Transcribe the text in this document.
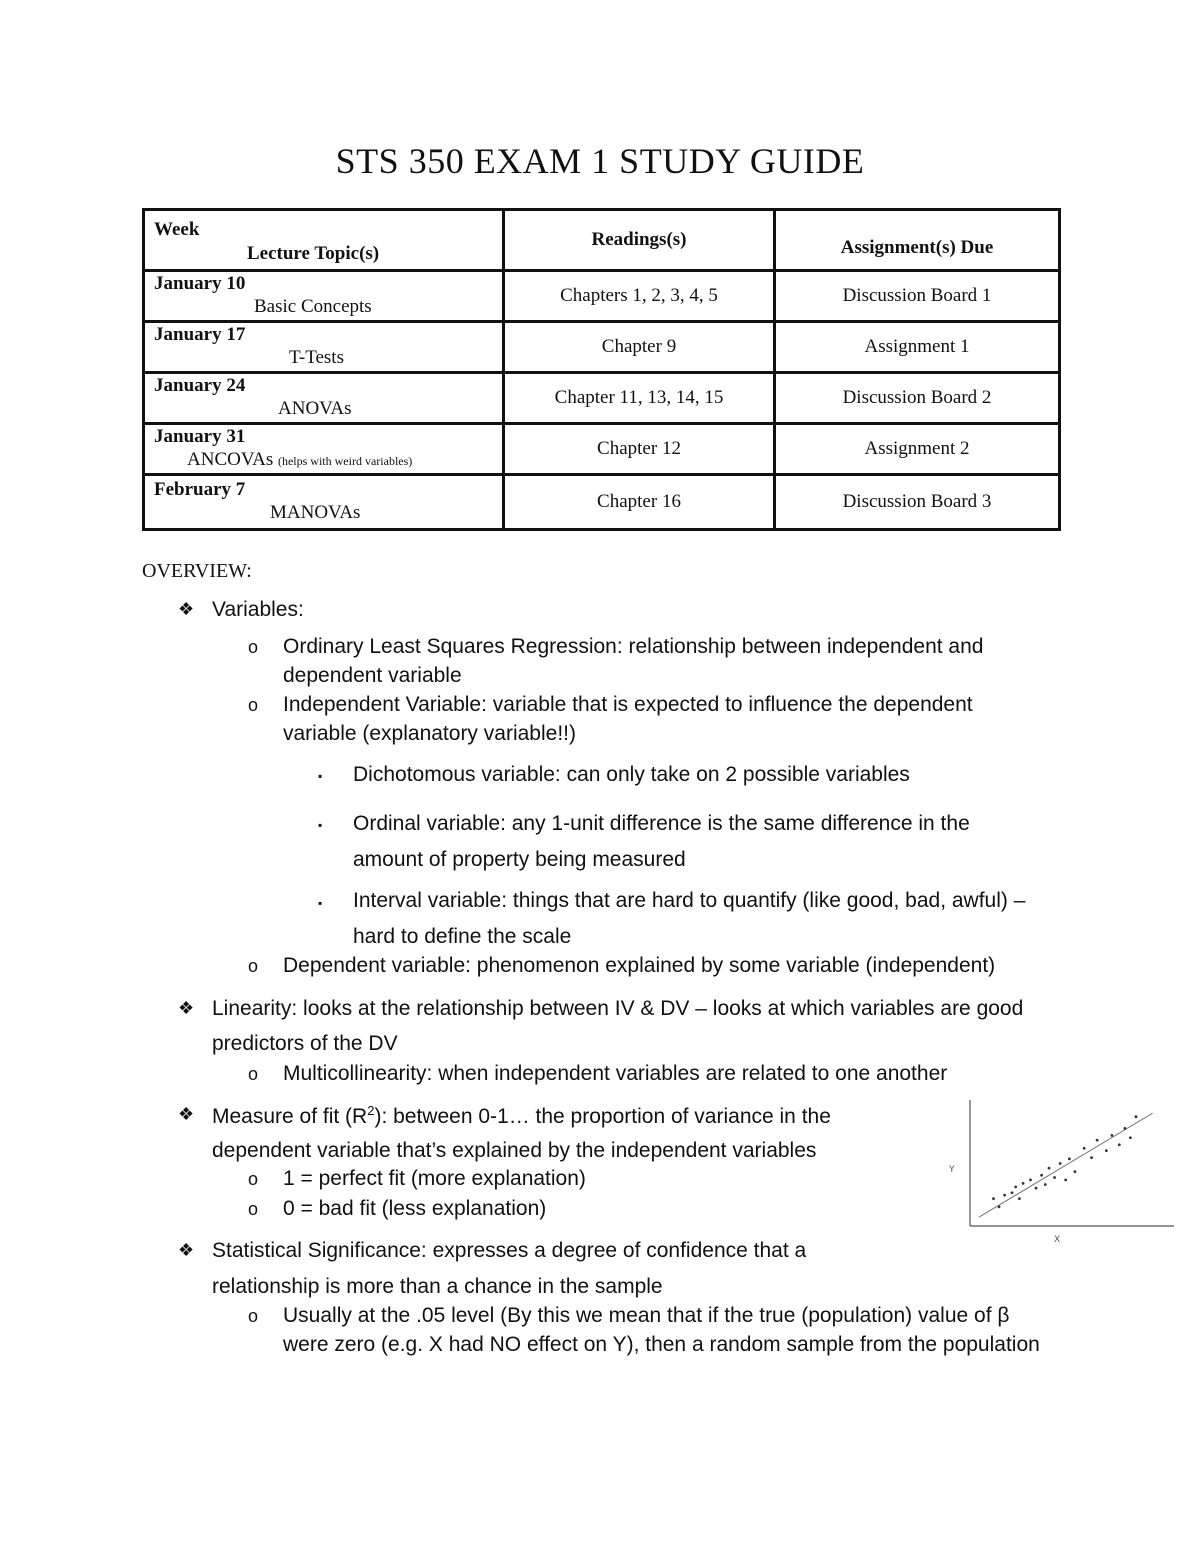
STS 350 EXAM 1 STUDY GUIDE
Week
Lecture Topic(s)	Readings(s)	Assignment(s) Due

January 10
Basic Concepts	Chapters 1, 2, 3, 4, 5	Discussion Board 1

January 17
T-Tests	Chapter 9	Assignment 1

January 24
ANOVAs	Chapter 11, 13, 14, 15	Discussion Board 2

January 31
ANCOVAs (helps with weird variables)	Chapter 12	Assignment 2

February 7
MANOVAs	Chapter 16	Discussion Board 3
OVERVIEW:
❖ Variables:
o Ordinary Least Squares Regression: relationship between independent and
dependent variable
o Independent Variable: variable that is expected to influence the dependent
variable (explanatory variable!!)
▪ Dichotomous variable: can only take on 2 possible variables
▪ Ordinal variable: any 1-unit difference is the same difference in the
amount of property being measured
▪ Interval variable: things that are hard to quantify (like good, bad, awful) –
hard to define the scale
o Dependent variable: phenomenon explained by some variable (independent)
❖ Linearity: looks at the relationship between IV & DV – looks at which variables are good
predictors of the DV
o Multicollinearity: when independent variables are related to one another
❖ Measure of fit $(R^2)$: between 0-1… the proportion of variance in the
dependent variable that’s explained by the independent variables
o 1 = perfect fit (more explanation)
o 0 = bad fit (less explanation)
❖ Statistical Significance: expresses a degree of confidence that a
relationship is more than a chance in the sample
o Usually at the .05 level (By this we mean that if the true (population) value of β
were zero (e.g. X had NO effect on Y), then a random sample from the population
Y
X
